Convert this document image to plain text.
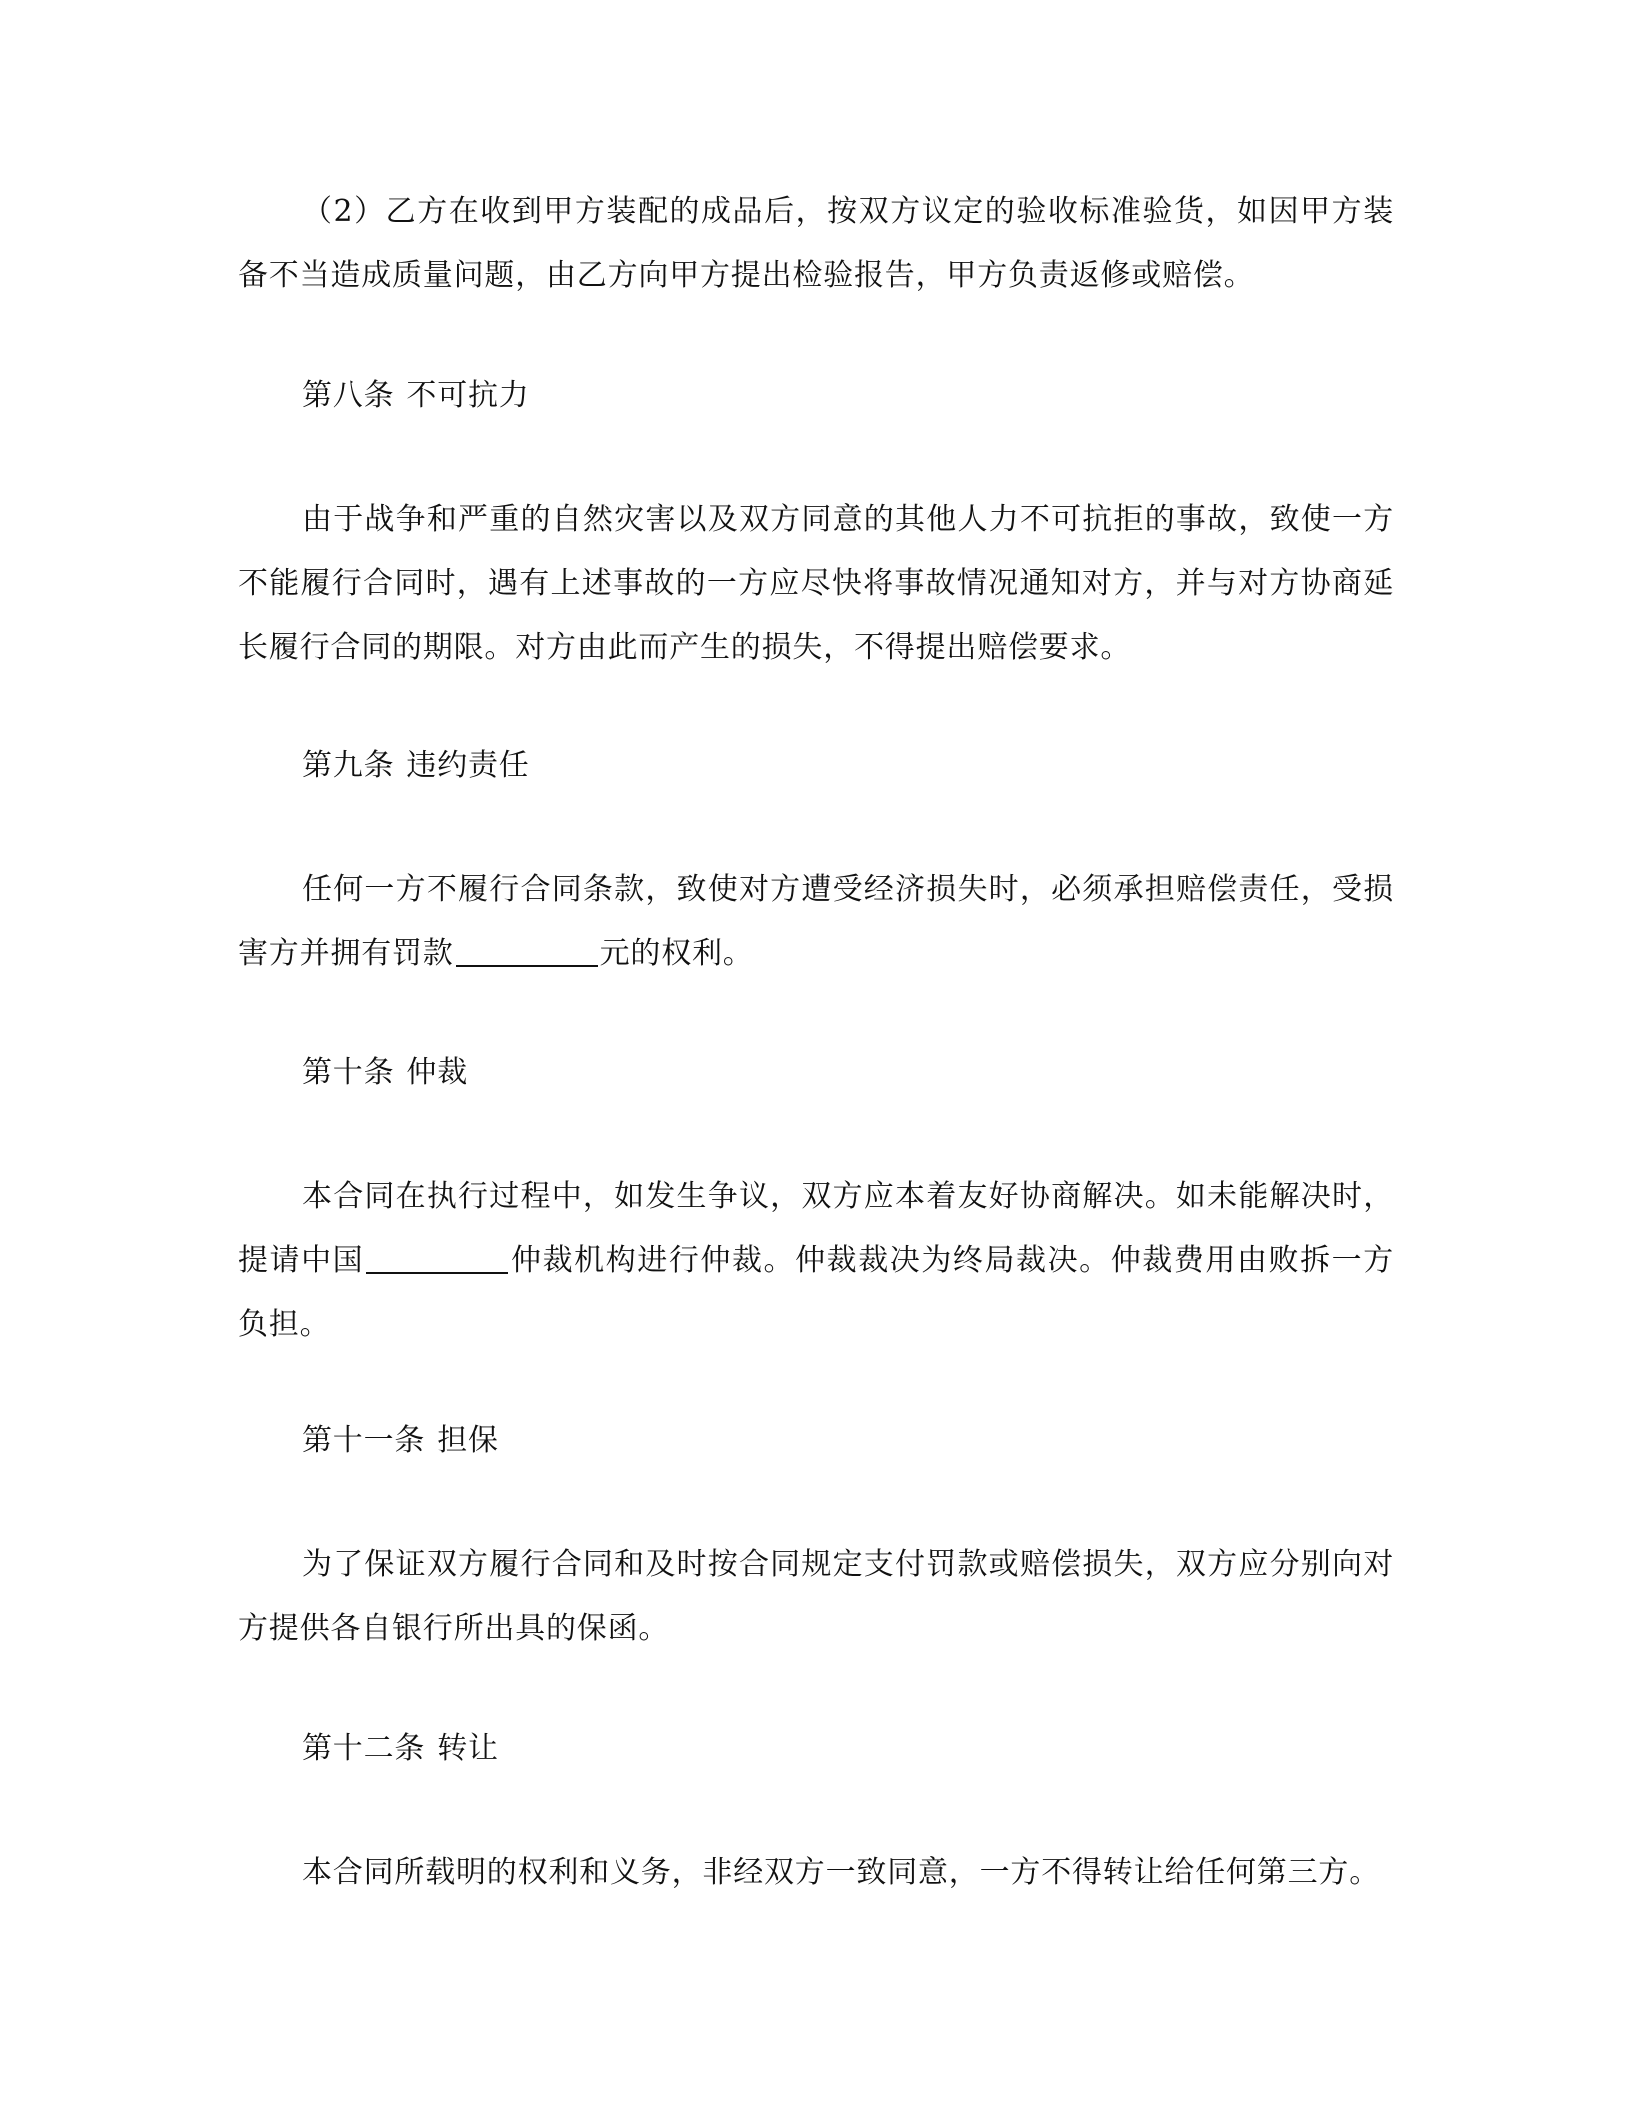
（2）乙方在收到甲方装配的成品后，按双方议定的验收标准验货，如因甲方装备不当造成质量问题，由乙方向甲方提出检验报告，甲方负责返修或赔偿。

第八条 不可抗力

由于战争和严重的自然灾害以及双方同意的其他人力不可抗拒的事故，致使一方不能履行合同时，遇有上述事故的一方应尽快将事故情况通知对方，并与对方协商延长履行合同的期限。对方由此而产生的损失，不得提出赔偿要求。

第九条 违约责任

任何一方不履行合同条款，致使对方遭受经济损失时，必须承担赔偿责任，受损害方并拥有罚款	元的权利。

第十条 仲裁

本合同在执行过程中，如发生争议，双方应本着友好协商解决。如未能解决时，提请中国	仲裁机构进行仲裁。仲裁裁决为终局裁决。仲裁费用由败拆一方负担。

第十一条 担保

为了保证双方履行合同和及时按合同规定支付罚款或赔偿损失，双方应分别向对方提供各自银行所出具的保函。

第十二条 转让

本合同所载明的权利和义务，非经双方一致同意，一方不得转让给任何第三方。
